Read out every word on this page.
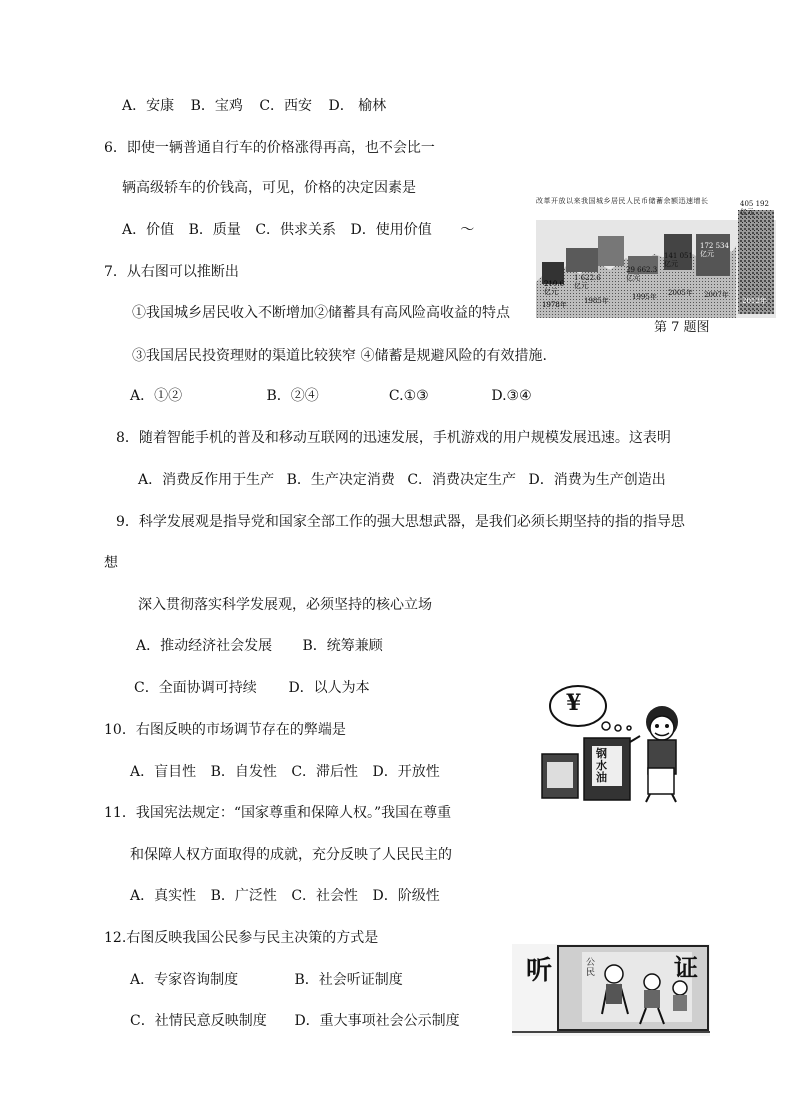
A．安康 B．宝鸡 C．西安 D． 榆林
6．即使一辆普通自行车的价格涨得再高，也不会比一
辆高级轿车的价钱高，可见，价格的决定因素是
A．价值 B．质量 C．供求关系 D．使用价值 ～
改革开放以来我国城乡居民人民币储蓄余额迅速增长
210.6
亿元
1978年
1 622.6
亿元
1985年
29 662.3
亿元
1995年
141 051
亿元
2005年
172 534
亿元
2007年
405 192
亿元
2012年
第 7 题图
7．从右图可以推断出
①我国城乡居民收入不断增加②储蓄具有高风险高收益的特点
③我国居民投资理财的渠道比较狭窄 ④储蓄是规避风险的有效措施.
A．①②	B．②④	C.①③	D.③④
8．随着智能手机的普及和移动互联网的迅速发展，手机游戏的用户规模发展迅速。这表明
A．消费反作用于生产 B．生产决定消费 C．消费决定生产 D．消费为生产创造出
9．科学发展观是指导党和国家全部工作的强大思想武器，是我们必须长期坚持的指的指导思
想
深入贯彻落实科学发展观，必须坚持的核心立场
A．推动经济社会发展 B．统筹兼顾
C．全面协调可持续 D．以人为本
¥
钢水油
10．右图反映的市场调节存在的弊端是
A．盲目性 B．自发性 C．滞后性 D．开放性
11．我国宪法规定：“国家尊重和保障人权。”我国在尊重
和保障人权方面取得的成就，充分反映了人民民主的
A．真实性 B．广泛性 C．社会性 D．阶级性
12.右图反映我国公民参与民主决策的方式是
A．专家咨询制度	B．社会听证制度
C．社情民意反映制度 D．重大事项社会公示制度
听	证
公民
